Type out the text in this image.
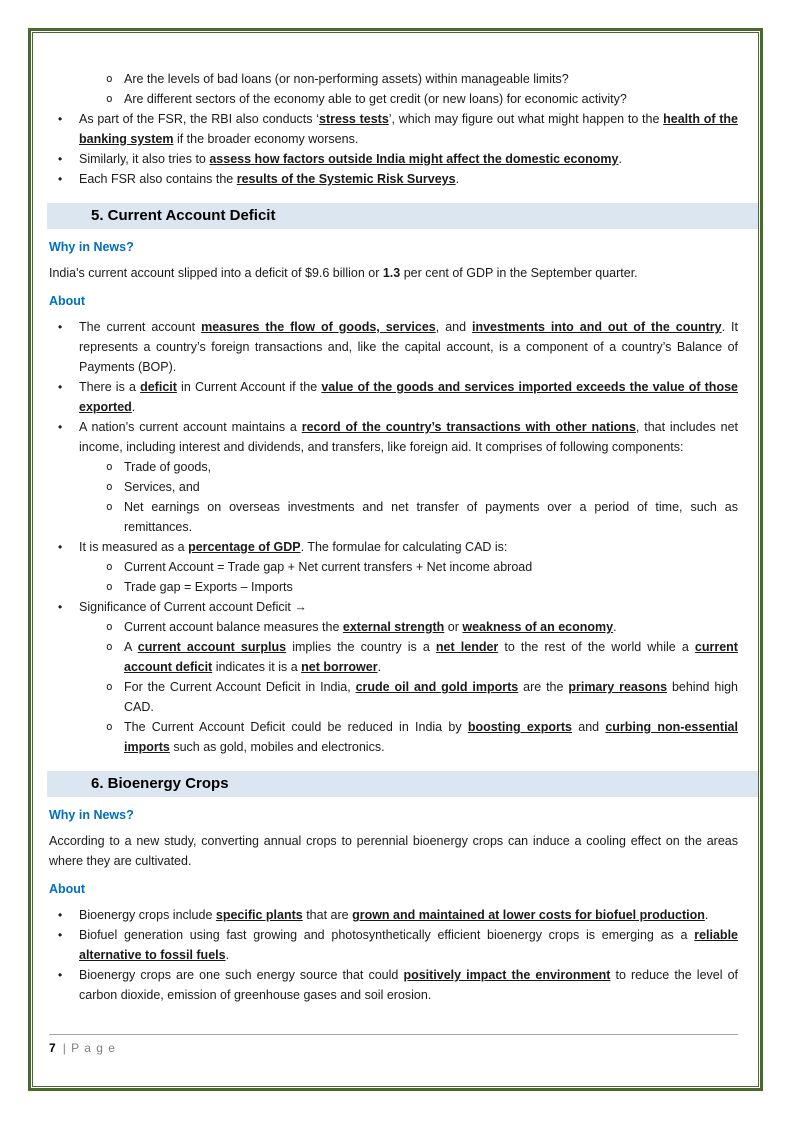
o Are the levels of bad loans (or non-performing assets) within manageable limits?
o Are different sectors of the economy able to get credit (or new loans) for economic activity?
•	As part of the FSR, the RBI also conducts ‘stress tests’, which may figure out what might happen to the health of the banking system if the broader economy worsens.
•	Similarly, it also tries to assess how factors outside India might affect the domestic economy.
•	Each FSR also contains the results of the Systemic Risk Surveys.
5. Current Account Deficit
Why in News?
India's current account slipped into a deficit of $9.6 billion or 1.3 per cent of GDP in the September quarter.
About
•	The current account measures the flow of goods, services, and investments into and out of the country. It represents a country’s foreign transactions and, like the capital account, is a component of a country’s Balance of Payments (BOP).
•	There is a deficit in Current Account if the value of the goods and services imported exceeds the value of those exported.
•	A nation’s current account maintains a record of the country’s transactions with other nations, that includes net income, including interest and dividends, and transfers, like foreign aid. It comprises of following components:
o Trade of goods,
o Services, and
o Net earnings on overseas investments and net transfer of payments over a period of time, such as remittances.
•	It is measured as a percentage of GDP. The formulae for calculating CAD is:
o Current Account = Trade gap + Net current transfers + Net income abroad
o Trade gap = Exports – Imports
•	Significance of Current account Deficit →
o Current account balance measures the external strength or weakness of an economy.
o A current account surplus implies the country is a net lender to the rest of the world while a current account deficit indicates it is a net borrower.
o For the Current Account Deficit in India, crude oil and gold imports are the primary reasons behind high CAD.
o The Current Account Deficit could be reduced in India by boosting exports and curbing non-essential imports such as gold, mobiles and electronics.
6. Bioenergy Crops
Why in News?
According to a new study, converting annual crops to perennial bioenergy crops can induce a cooling effect on the areas where they are cultivated.
About
•	Bioenergy crops include specific plants that are grown and maintained at lower costs for biofuel production.
•	Biofuel generation using fast growing and photosynthetically efficient bioenergy crops is emerging as a reliable alternative to fossil fuels.
•	Bioenergy crops are one such energy source that could positively impact the environment to reduce the level of carbon dioxide, emission of greenhouse gases and soil erosion.
7 | P a g e
